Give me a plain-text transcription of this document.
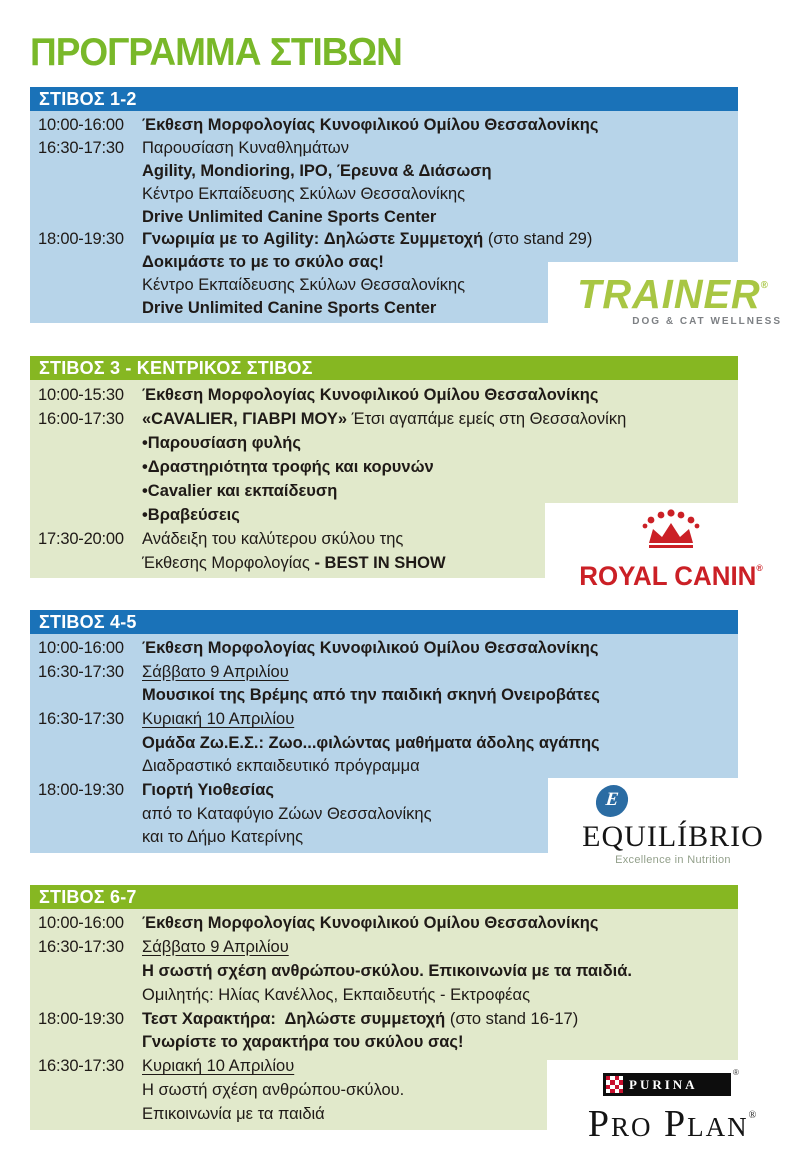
ΠΡΟΓΡΑΜΜΑ ΣΤΙΒΩΝ
ΣΤΙΒΟΣ 1-2
10:00-16:00	Έκθεση Μορφολογίας Κυνοφιλικού Ομίλου Θεσσαλονίκης
16:30-17:30	Παρουσίαση Κυναθλημάτων
Agility, Mondioring, IPO, Έρευνα & Διάσωση
Κέντρο Εκπαίδευσης Σκύλων Θεσσαλονίκης
Drive Unlimited Canine Sports Center
18:00-19:30	Γνωριμία με το Agility: Δηλώστε Συμμετοχή (στο stand 29)
Δοκιμάστε το με το σκύλο σας!
Κέντρο Εκπαίδευσης Σκύλων Θεσσαλονίκης
Drive Unlimited Canine Sports Center
ΣΤΙΒΟΣ 3 - ΚΕΝΤΡΙΚΟΣ ΣΤΙΒΟΣ
10:00-15:30	Έκθεση Μορφολογίας Κυνοφιλικού Ομίλου Θεσσαλονίκης
16:00-17:30	«CAVALIER, ΓΙΑΒΡΙ ΜΟΥ» Έτσι αγαπάμε εμείς στη Θεσσαλονίκη
•Παρουσίαση φυλής
•Δραστηριότητα τροφής και κορυνών
•Cavalier και εκπαίδευση
•Βραβεύσεις
17:30-20:00	Ανάδειξη του καλύτερου σκύλου της
Έκθεσης Μορφολογίας - BEST IN SHOW
ΣΤΙΒΟΣ 4-5
10:00-16:00	Έκθεση Μορφολογίας Κυνοφιλικού Ομίλου Θεσσαλονίκης
16:30-17:30	Σάββατο 9 Απριλίου
Μουσικοί της Βρέμης από την παιδική σκηνή Ονειροβάτες
16:30-17:30	Κυριακή 10 Απριλίου
Ομάδα Ζω.Ε.Σ.: Ζωο...φιλώντας μαθήματα άδολης αγάπης
Διαδραστικό εκπαιδευτικό πρόγραμμα
18:00-19:30	Γιορτή Υιοθεσίας
από το Καταφύγιο Ζώων Θεσσαλονίκης
και το Δήμο Κατερίνης
ΣΤΙΒΟΣ 6-7
10:00-16:00	Έκθεση Μορφολογίας Κυνοφιλικού Ομίλου Θεσσαλονίκης
16:30-17:30	Σάββατο 9 Απριλίου
Η σωστή σχέση ανθρώπου-σκύλου. Επικοινωνία με τα παιδιά.
Ομιλητής: Ηλίας Κανέλλος, Εκπαιδευτής - Εκτροφέας
18:00-19:30	Τεστ Χαρακτήρα:  Δηλώστε συμμετοχή (στο stand 16-17)
Γνωρίστε το χαρακτήρα του σκύλου σας!
16:30-17:30	Κυριακή 10 Απριλίου
Η σωστή σχέση ανθρώπου-σκύλου.
Επικοινωνία με τα παιδιά
TRAINER®
DOG & CAT WELLNESS
ROYAL CANIN®
E
EQUILÍBRIO
Excellence in Nutrition
PURINA
®
Pro Plan®
